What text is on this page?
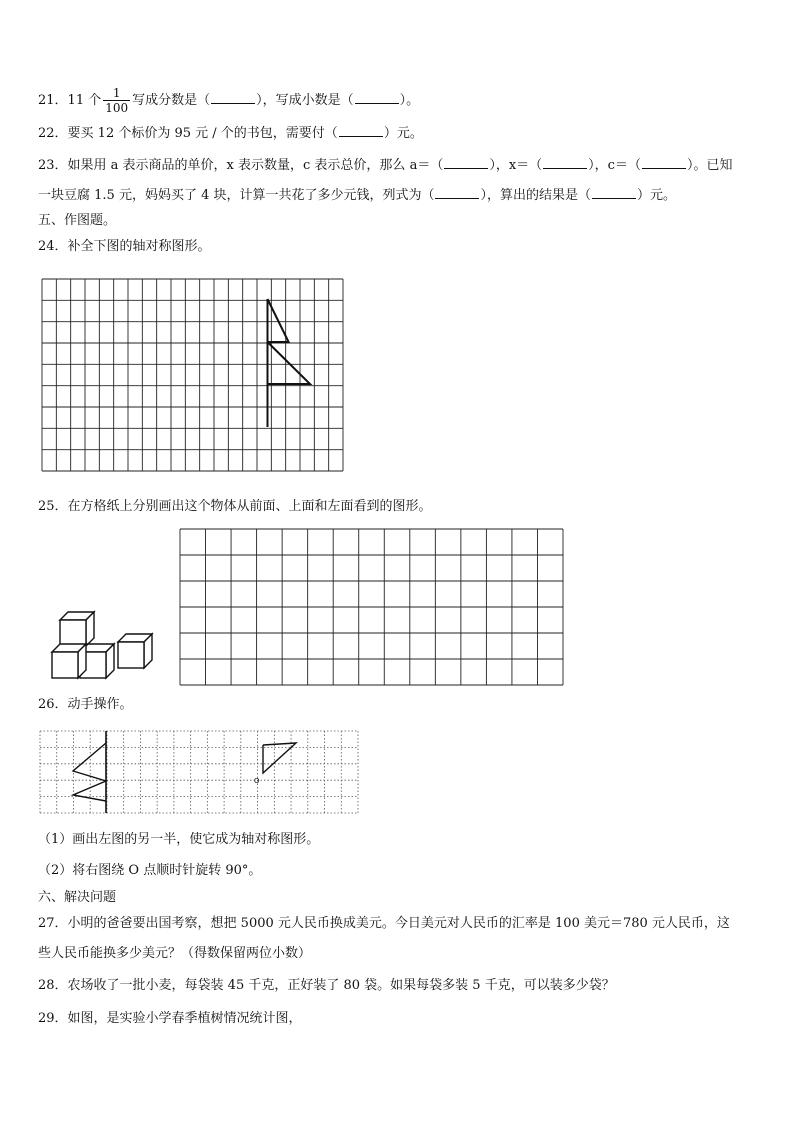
21．11 个 $\frac{1}{100}$ 写成分数是（	），写成小数是（	）。
22．要买 12 个标价为 95 元 / 个的书包，需要付（	）元。
23．如果用 a 表示商品的单价，x 表示数量，c 表示总价，那么 a＝（	），x＝（	），c＝（	）。已知
一块豆腐 1.5 元，妈妈买了 4 块，计算一共花了多少元钱，列式为（	），算出的结果是（	）元。
五、作图题。
24．补全下图的轴对称图形。
25．在方格纸上分别画出这个物体从前面、上面和左面看到的图形。
26．动手操作。
O
（1）画出左图的另一半，使它成为轴对称图形。
（2）将右图绕 O 点顺时针旋转 90°。
六、解决问题
27．小明的爸爸要出国考察，想把 5000 元人民币换成美元。今日美元对人民币的汇率是 100 美元＝780 元人民币，这
些人民币能换多少美元？（得数保留两位小数）
28．农场收了一批小麦，每袋装 45 千克，正好装了 80 袋。如果每袋多装 5 千克，可以装多少袋？
29．如图，是实验小学春季植树情况统计图，
